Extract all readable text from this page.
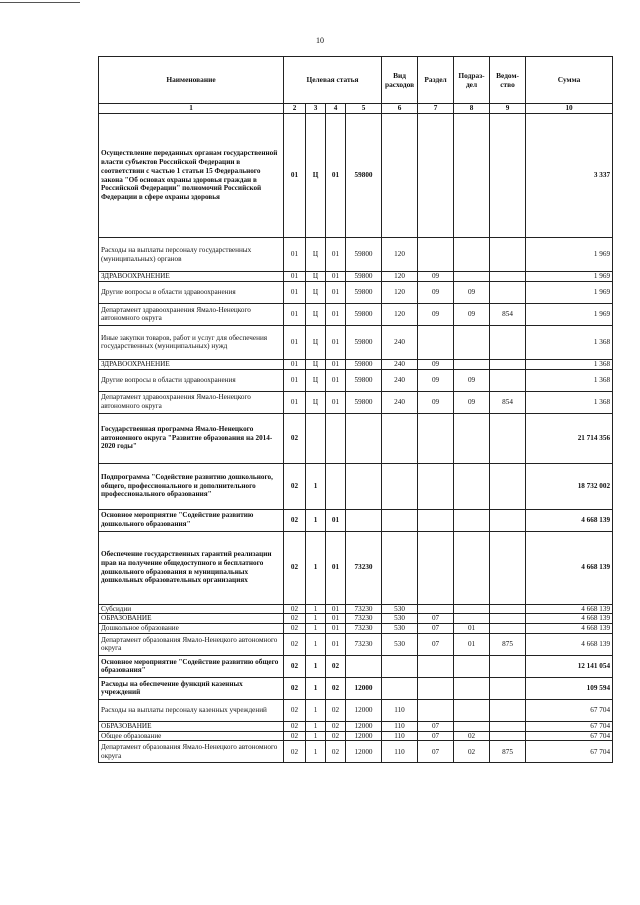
10
Наименование	Целевая статья				Вид расходов	Раздел	Подраз-дел	Ведом-ство	Сумма
1	2	3	4	5	6	7	8	9	10
Осуществление переданных органам государственной власти субъектов Российской Федерации в соответствии с частью 1 статьи 15 Федерального закона "Об основах охраны здоровья граждан в Российской Федерации" полномочий Российской Федерации в сфере охраны здоровья	01	Ц	01	59800					3 337
Расходы на выплаты персоналу государственных (муниципальных) органов	01	Ц	01	59800	120				1 969
ЗДРАВООХРАНЕНИЕ	01	Ц	01	59800	120	09			1 969
Другие вопросы в области здравоохранения	01	Ц	01	59800	120	09	09		1 969
Департамент здравоохранения Ямало-Ненецкого автономного округа	01	Ц	01	59800	120	09	09	854	1 969
Иные закупки товаров, работ и услуг для обеспечения государственных (муниципальных) нужд	01	Ц	01	59800	240				1 368
ЗДРАВООХРАНЕНИЕ	01	Ц	01	59800	240	09			1 368
Другие вопросы в области здравоохранения	01	Ц	01	59800	240	09	09		1 368
Департамент здравоохранения Ямало-Ненецкого автономного округа	01	Ц	01	59800	240	09	09	854	1 368
Государственная программа Ямало-Ненецкого автономного округа "Развитие образования на 2014-2020 годы"	02								21 714 356
Подпрограмма "Содействие развитию дошкольного, общего, профессионального и дополнительного профессионального образования"	02	1							18 732 002
Основное мероприятие "Содействие развитию дошкольного образования"	02	1	01						4 668 139
Обеспечение государственных гарантий реализации прав на получение общедоступного и бесплатного дошкольного образования в муниципальных дошкольных образовательных организациях	02	1	01	73230					4 668 139
Субсидии	02	1	01	73230	530				4 668 139
ОБРАЗОВАНИЕ	02	1	01	73230	530	07			4 668 139
Дошкольное образование	02	1	01	73230	530	07	01		4 668 139
Департамент образования Ямало-Ненецкого автономного округа	02	1	01	73230	530	07	01	875	4 668 139
Основное мероприятие "Содействие развитию общего образования"	02	1	02						12 141 054
Расходы на обеспечение функций казенных учреждений	02	1	02	12000					109 594
Расходы на выплаты персоналу казенных учреждений	02	1	02	12000	110				67 704
ОБРАЗОВАНИЕ	02	1	02	12000	110	07			67 704
Общее образование	02	1	02	12000	110	07	02		67 704
Департамент образования Ямало-Ненецкого автономного округа	02	1	02	12000	110	07	02	875	67 704
